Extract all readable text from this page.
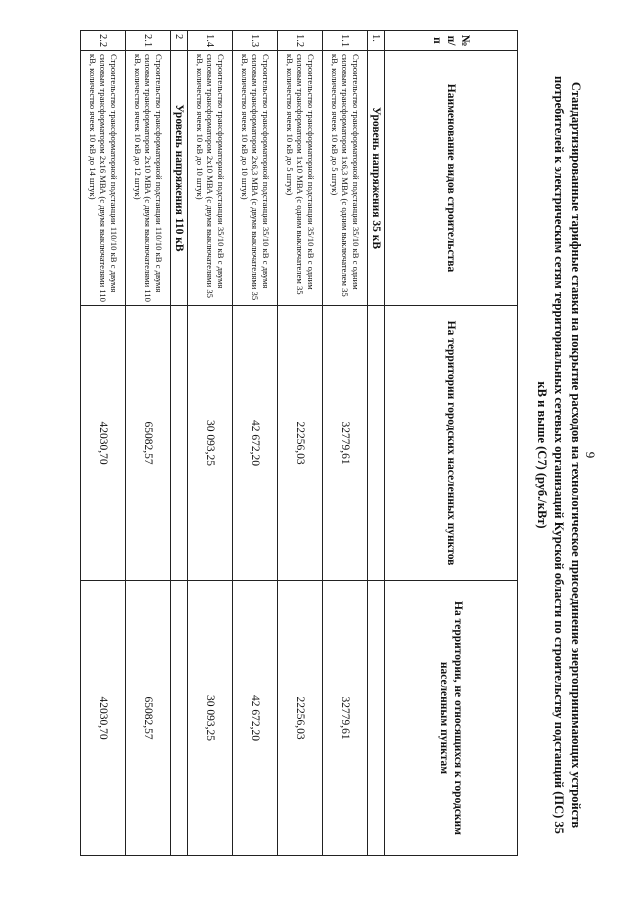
9
Стандартизированные тарифные ставки на покрытие расходов на технологическое присоединение энергопринимающих устройств потребителей к электрическим сетям территориальных сетевых организаций Курской области по строительству подстанций (ПС) 35 кВ и выше (С7) (руб./кВт)
№ п/п	Наименование видов строительства	На территории городских населенных пунктов	На территории, не относящихся к городским населенным пунктам
1.	Уровень напряжения 35 кВ		
1.1	Строительство трансформаторной подстанции 35/10 кВ с одним силовым трансформатором 1х6,3 МВА (с одним выключателем 35 кВ, количество ячеек 10 кВ до 5 штук)	32779,61	32779,61
1.2	Строительство трансформаторной подстанции 35/10 кВ с одним силовым трансформатором 1х10 МВА (с одним выключателем 35 кВ, количество ячеек 10 кВ до 5 штук)	22256,03	22256,03
1.3	Строительство трансформаторной подстанции 35/10 кВ с двумя силовым трансформатором 2х6,3 МВА (с двумя выключателями 35 кВ, количество ячеек 10 кВ до 10 штук)	42 672,20	42 672,20
1.4	Строительство трансформаторной подстанции 35/10 кВ с двумя силовым трансформатором 2х10 МВА (с двумя выключателями 35 кВ, количество ячеек 10 кВ до 10 штук)	30 093,25	30 093,25
2	Уровень напряжения 110 кВ		
2.1	Строительство трансформаторной подстанции 110/10 кВ с двумя силовым трансформатором 2х10 МВА (с двумя выключателями 110 кВ, количество ячеек 10 кВ до 12 штук)	65082,57	65082,57
2.2	Строительство трансформаторной подстанции 110/10 кВ с двумя силовым трансформатором 2х16 МВА (с двумя выключателями 110 кВ, количество ячеек 10 кВ до 14 штук)	42030,70	42030,70
